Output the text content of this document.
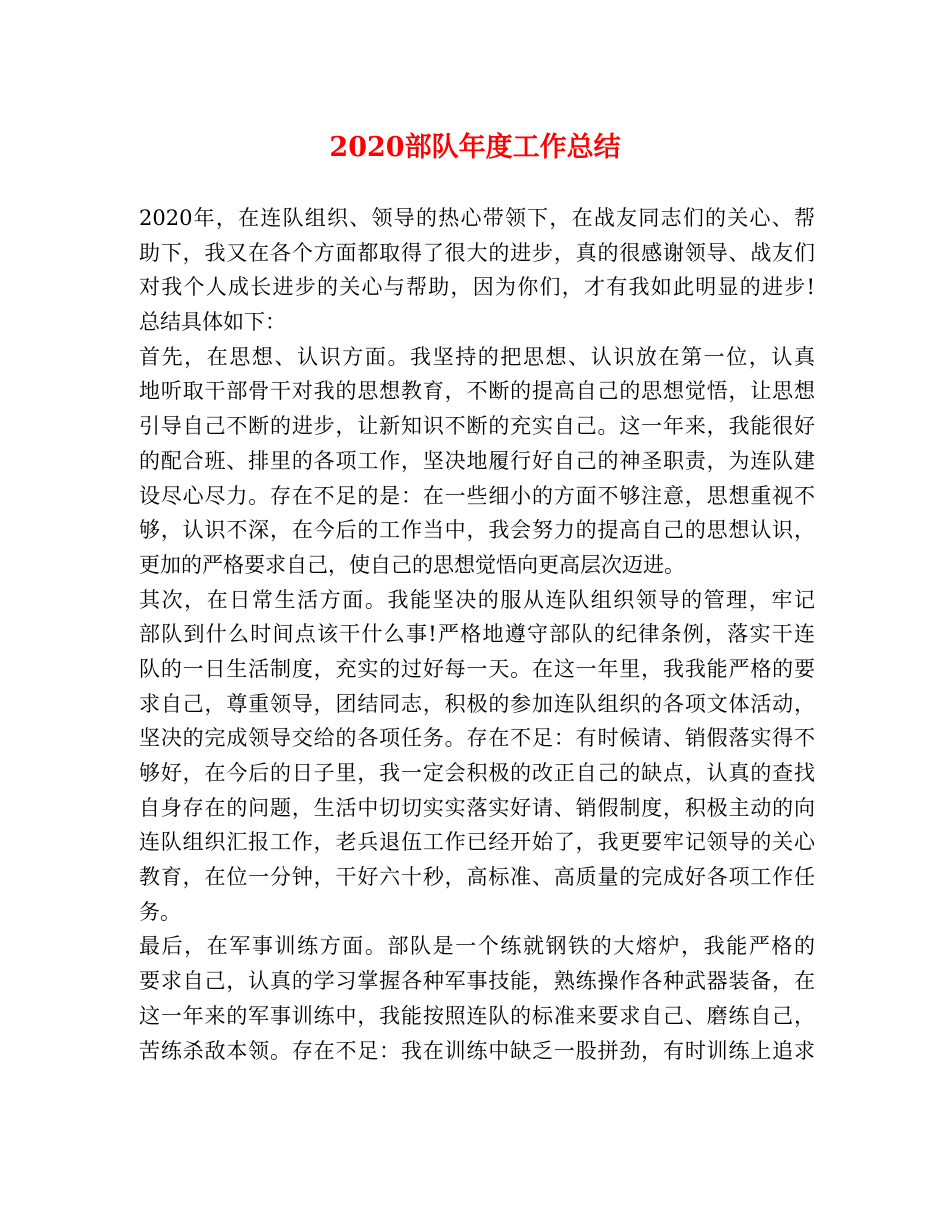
2020部队年度工作总结
2020年，在连队组织、领导的热心带领下，在战友同志们的关心、帮
助下，我又在各个方面都取得了很大的进步，真的很感谢领导、战友们
对我个人成长进步的关心与帮助，因为你们，才有我如此明显的进步!
总结具体如下：
首先，在思想、认识方面。我坚持的把思想、认识放在第一位，认真
地听取干部骨干对我的思想教育，不断的提高自己的思想觉悟，让思想
引导自己不断的进步，让新知识不断的充实自己。这一年来，我能很好
的配合班、排里的各项工作，坚决地履行好自己的神圣职责，为连队建
设尽心尽力。存在不足的是：在一些细小的方面不够注意，思想重视不
够，认识不深，在今后的工作当中，我会努力的提高自己的思想认识，
更加的严格要求自己，使自己的思想觉悟向更高层次迈进。
其次，在日常生活方面。我能坚决的服从连队组织领导的管理，牢记
部队到什么时间点该干什么事!严格地遵守部队的纪律条例，落实干连
队的一日生活制度，充实的过好每一天。在这一年里，我我能严格的要
求自己，尊重领导，团结同志，积极的参加连队组织的各项文体活动，
坚决的完成领导交给的各项任务。存在不足：有时候请、销假落实得不
够好，在今后的日子里，我一定会积极的改正自己的缺点，认真的查找
自身存在的问题，生活中切切实实落实好请、销假制度，积极主动的向
连队组织汇报工作，老兵退伍工作已经开始了，我更要牢记领导的关心
教育，在位一分钟，干好六十秒，高标准、高质量的完成好各项工作任
务。
最后，在军事训练方面。部队是一个练就钢铁的大熔炉，我能严格的
要求自己，认真的学习掌握各种军事技能，熟练操作各种武器装备，在
这一年来的军事训练中，我能按照连队的标准来要求自己、磨练自己，
苦练杀敌本领。存在不足：我在训练中缺乏一股拼劲，有时训练上追求
